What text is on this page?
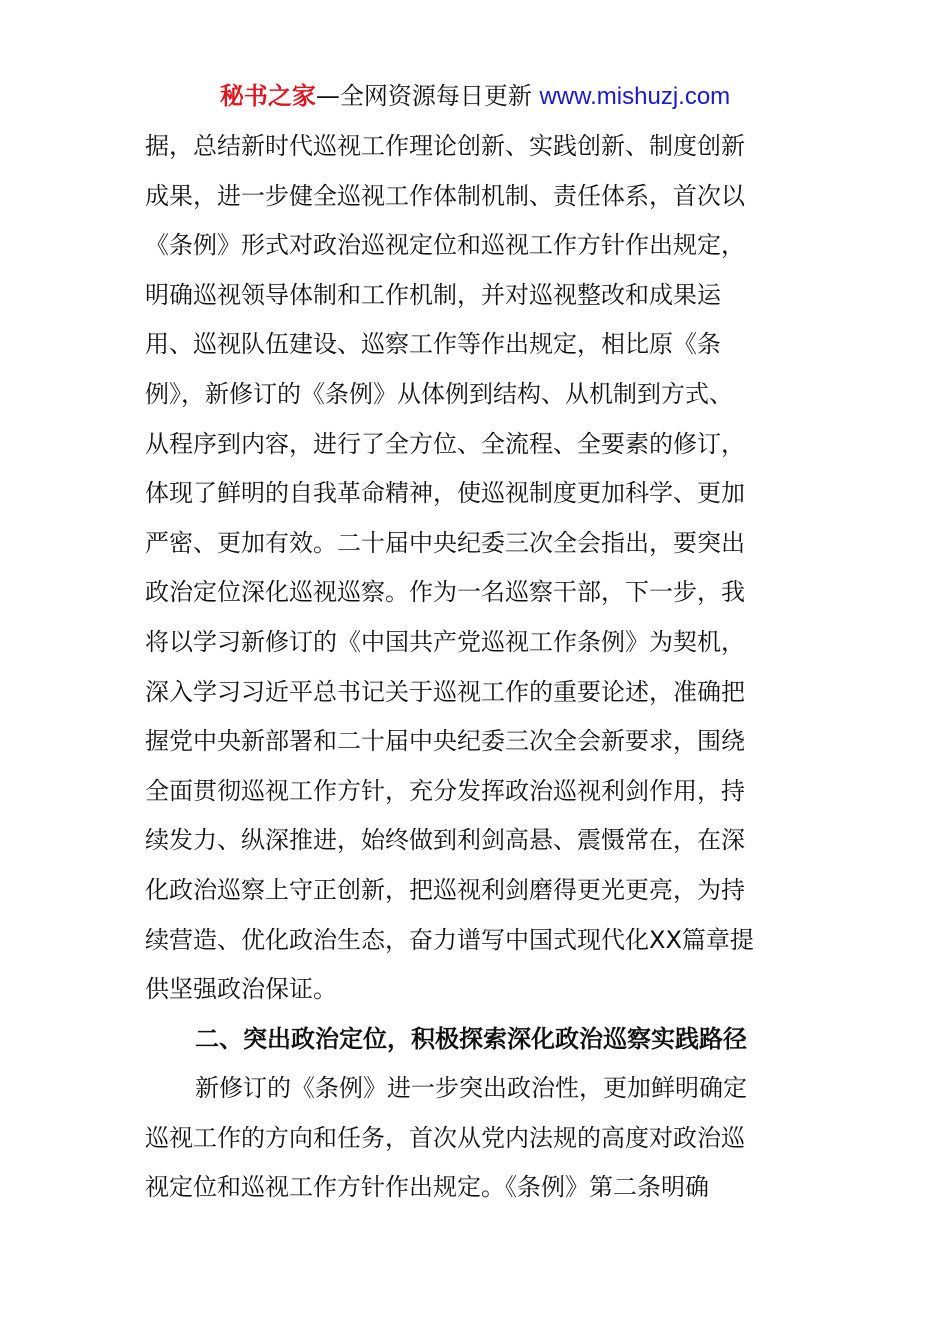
秘书之家—全网资源每日更新 www.mishuzj.com
据，总结新时代巡视工作理论创新、实践创新、制度创新
成果，进一步健全巡视工作体制机制、责任体系，首次以
《条例》形式对政治巡视定位和巡视工作方针作出规定，
明确巡视领导体制和工作机制，并对巡视整改和成果运
用、巡视队伍建设、巡察工作等作出规定，相比原《条
例》，新修订的《条例》从体例到结构、从机制到方式、
从程序到内容，进行了全方位、全流程、全要素的修订，
体现了鲜明的自我革命精神，使巡视制度更加科学、更加
严密、更加有效。二十届中央纪委三次全会指出，要突出
政治定位深化巡视巡察。作为一名巡察干部，下一步，我
将以学习新修订的《中国共产党巡视工作条例》为契机，
深入学习习近平总书记关于巡视工作的重要论述，准确把
握党中央新部署和二十届中央纪委三次全会新要求，围绕
全面贯彻巡视工作方针，充分发挥政治巡视利剑作用，持
续发力、纵深推进，始终做到利剑高悬、震慑常在，在深
化政治巡察上守正创新，把巡视利剑磨得更光更亮，为持
续营造、优化政治生态，奋力谱写中国式现代化XX篇章提
供坚强政治保证。
二、突出政治定位，积极探索深化政治巡察实践路径
新修订的《条例》进一步突出政治性，更加鲜明确定
巡视工作的方向和任务，首次从党内法规的高度对政治巡
视定位和巡视工作方针作出规定。《条例》第二条明确
